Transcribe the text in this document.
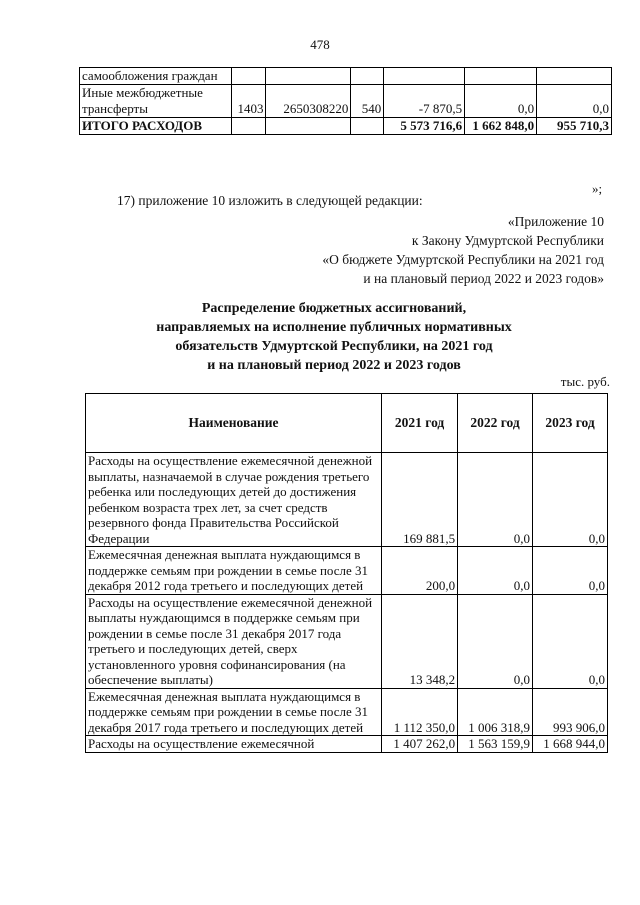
478
самообложения граждан						
Иные межбюджетные трансферты	1403	2650308220	540	-7 870,5	0,0	0,0
ИТОГО РАСХОДОВ				5 573 716,6	1 662 848,0	955 710,3
»;
17) приложение 10 изложить в следующей редакции:
«Приложение 10
к Закону Удмуртской Республики
«О бюджете Удмуртской Республики на 2021 год
и на плановый период 2022 и 2023 годов»
Распределение бюджетных ассигнований,
направляемых на исполнение публичных нормативных
обязательств Удмуртской Республики, на 2021 год
и на плановый период 2022 и 2023 годов
тыс. руб.
Наименование	2021 год	2022 год	2023 год
Расходы на осуществление ежемесячной денежной выплаты, назначаемой в случае рождения третьего ребенка или последующих детей до достижения ребенком возраста трех лет, за счет средств резервного фонда Правительства Российской Федерации	169 881,5	0,0	0,0
Ежемесячная денежная выплата нуждающимся в поддержке семьям при рождении в семье после 31 декабря 2012 года третьего и последующих детей	200,0	0,0	0,0
Расходы на осуществление ежемесячной денежной выплаты нуждающимся в поддержке семьям при рождении в семье после 31 декабря 2017 года третьего и последующих детей, сверх установленного уровня софинансирования (на обеспечение выплаты)	13 348,2	0,0	0,0
Ежемесячная денежная выплата нуждающимся в поддержке семьям при рождении в семье после 31 декабря 2017 года третьего и последующих детей	1 112 350,0	1 006 318,9	993 906,0
Расходы на осуществление ежемесячной	1 407 262,0	1 563 159,9	1 668 944,0
